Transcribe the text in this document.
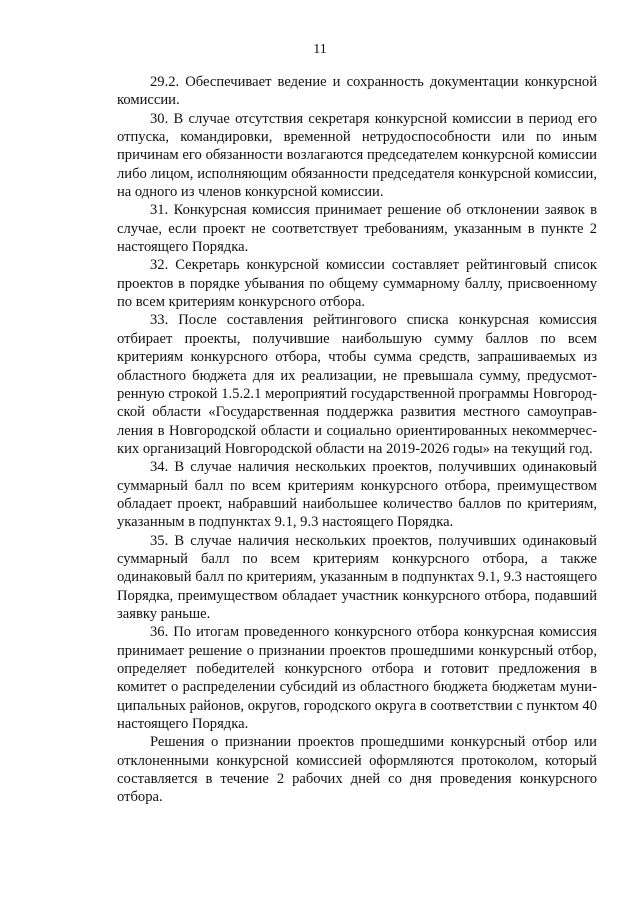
11

29.2. Обеспечивает ведение и сохранность документации конкурсной комиссии.

30. В случае отсутствия секретаря конкурсной комиссии в период его отпуска, командировки, временной нетрудоспособности или по иным причинам его обязанности возлагаются председателем конкурсной комиссии либо лицом, исполняющим обязанности председателя конкурсной комиссии, на одного из членов конкурсной комиссии.

31. Конкурсная комиссия принимает решение об отклонении заявок в случае, если проект не соответствует требованиям, указанным в пункте 2 настоящего Порядка.

32. Секретарь конкурсной комиссии составляет рейтинговый список проектов в порядке убывания по общему суммарному баллу, присвоенному по всем критериям конкурсного отбора.

33. После составления рейтингового списка конкурсная комиссия отбирает проекты, получившие наибольшую сумму баллов по всем критериям конкурсного отбора, чтобы сумма средств, запрашиваемых из областного бюджета для их реализации, не превышала сумму, предусмотренную строкой 1.5.2.1 мероприятий государственной программы Новгородской области «Государственная поддержка развития местного самоуправления в Новгородской области и социально ориентированных некоммерческих организаций Новгородской области на 2019-2026 годы» на текущий год.

34. В случае наличия нескольких проектов, получивших одинаковый суммарный балл по всем критериям конкурсного отбора, преимуществом обладает проект, набравший наибольшее количество баллов по критериям, указанным в подпунктах 9.1, 9.3 настоящего Порядка.

35. В случае наличия нескольких проектов, получивших одинаковый суммарный балл по всем критериям конкурсного отбора, а также одинаковый балл по критериям, указанным в подпунктах 9.1, 9.3 настоящего Порядка, преимуществом обладает участник конкурсного отбора, подавший заявку раньше.

36. По итогам проведенного конкурсного отбора конкурсная комиссия принимает решение о признании проектов прошедшими конкурсный отбор, определяет победителей конкурсного отбора и готовит предложения в комитет о распределении субсидий из областного бюджета бюджетам муниципальных районов, округов, городского округа в соответствии с пунктом 40 настоящего Порядка.

Решения о признании проектов прошедшими конкурсный отбор или отклоненными конкурсной комиссией оформляются протоколом, который составляется в течение 2 рабочих дней со дня проведения конкурсного отбора.
